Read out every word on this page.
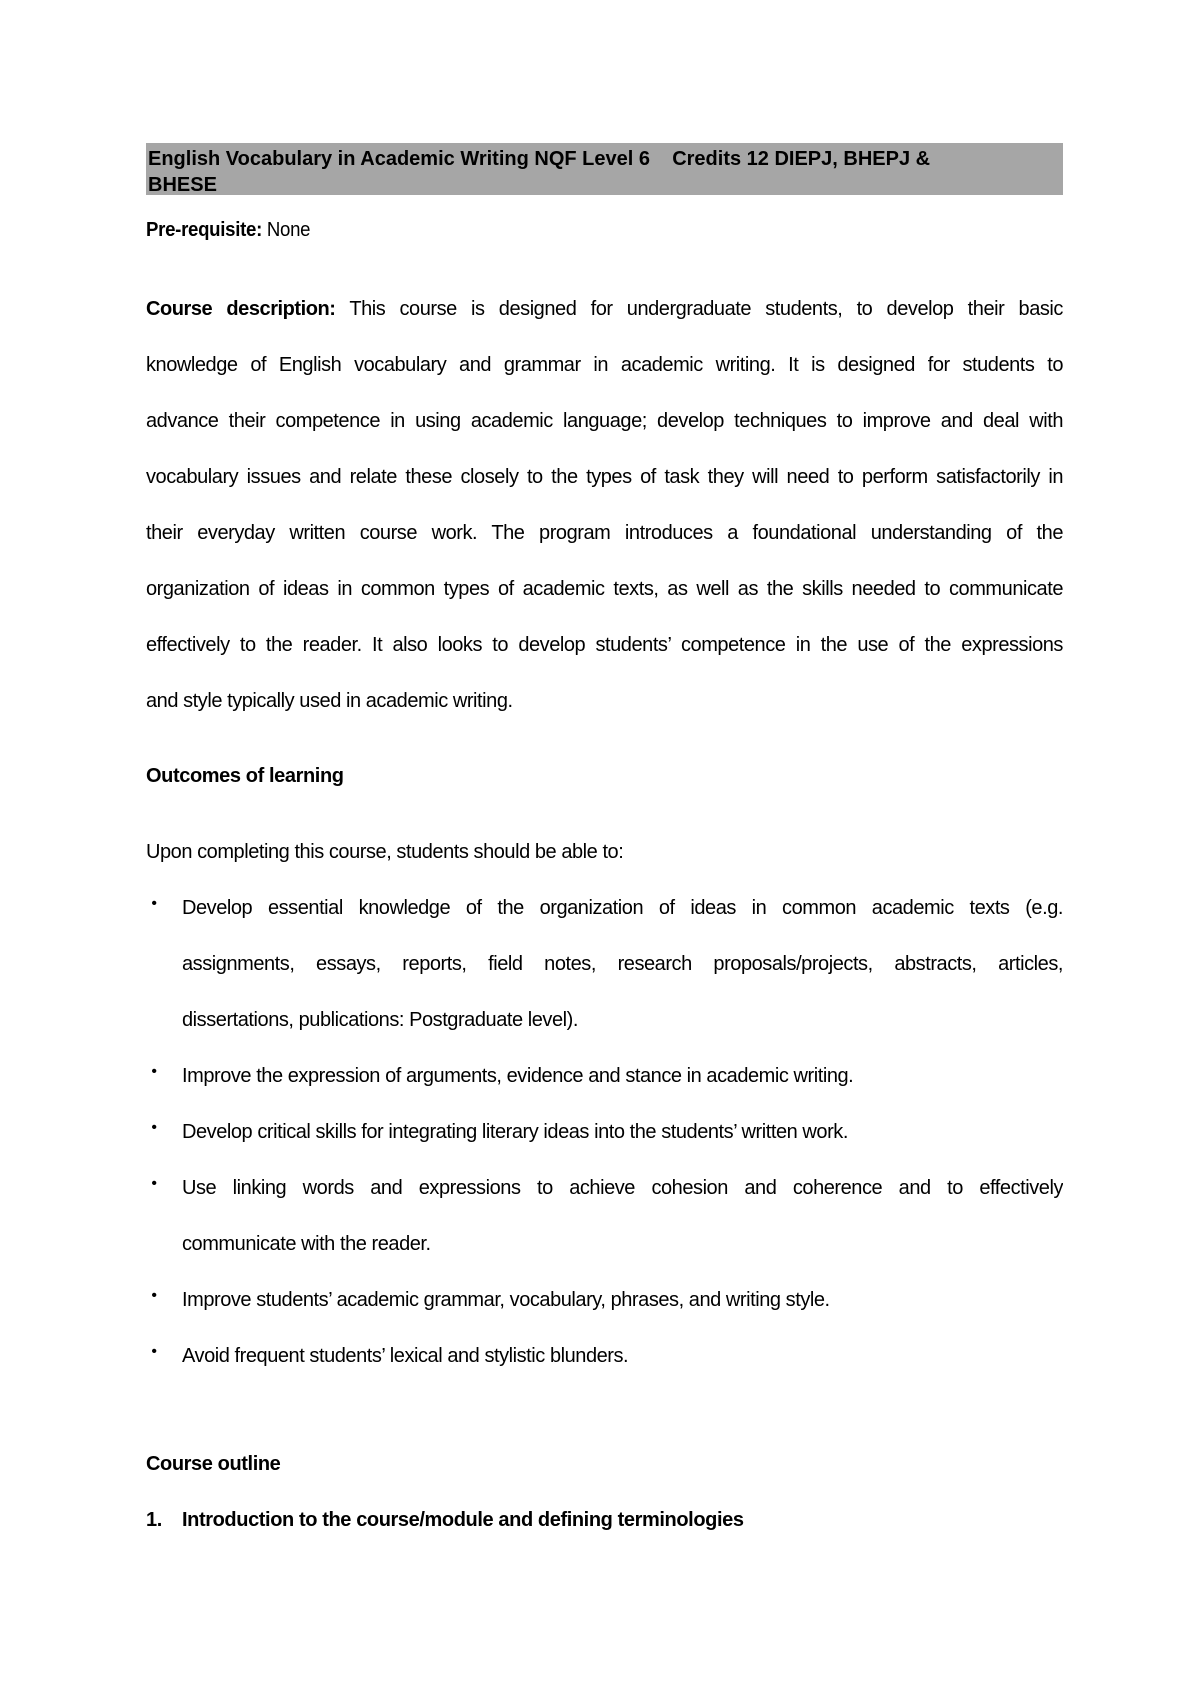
English Vocabulary in Academic Writing NQF Level 6    Credits 12 DIEPJ, BHEPJ &
BHESE
Pre-requisite: None
Course description: This course is designed for undergraduate students, to develop their basic
knowledge of English vocabulary and grammar in academic writing. It is designed for students to
advance their competence in using academic language; develop techniques to improve and deal with
vocabulary issues and relate these closely to the types of task they will need to perform satisfactorily in
their everyday written course work. The program introduces a foundational understanding of the
organization of ideas in common types of academic texts, as well as the skills needed to communicate
effectively to the reader. It also looks to develop students’ competence in the use of the expressions
and style typically used in academic writing.
Outcomes of learning
Upon completing this course, students should be able to:
• Develop essential knowledge of the organization of ideas in common academic texts (e.g.
assignments, essays, reports, field notes, research proposals/projects, abstracts, articles,
dissertations, publications: Postgraduate level).
• Improve the expression of arguments, evidence and stance in academic writing.
• Develop critical skills for integrating literary ideas into the students’ written work.
• Use linking words and expressions to achieve cohesion and coherence and to effectively
communicate with the reader.
• Improve students’ academic grammar, vocabulary, phrases, and writing style.
• Avoid frequent students’ lexical and stylistic blunders.
Course outline
1. Introduction to the course/module and defining terminologies
